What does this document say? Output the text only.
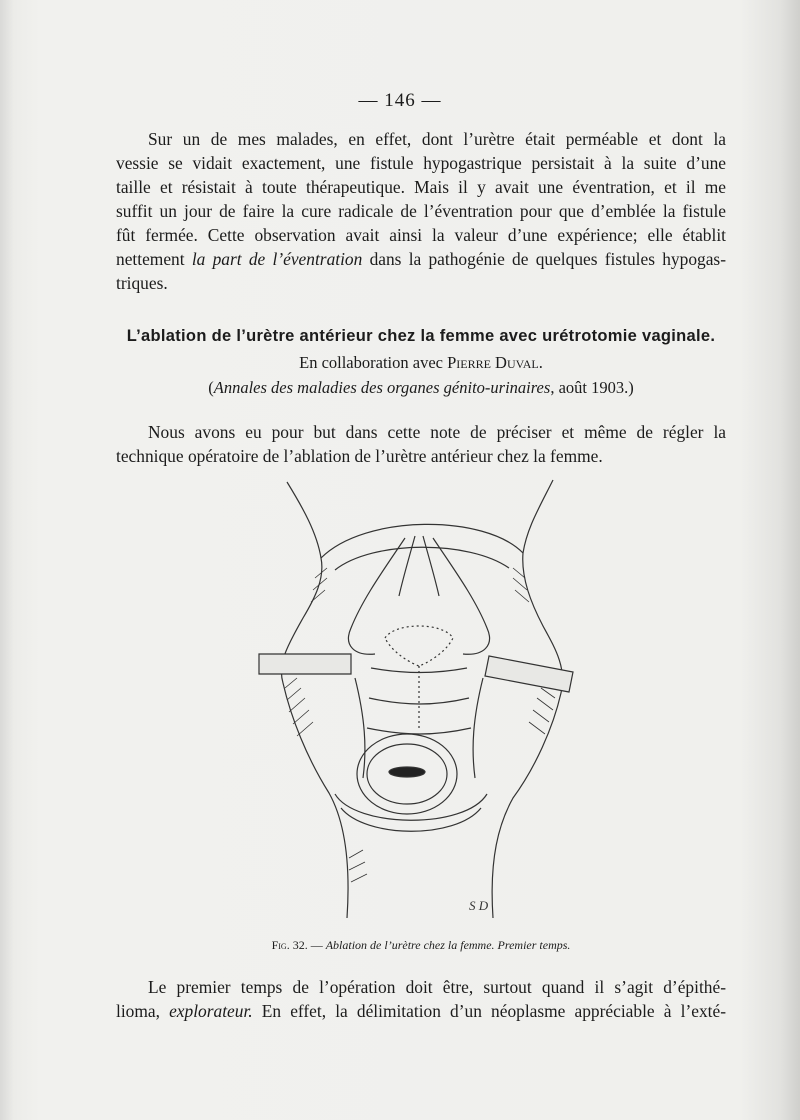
— 146 —
Sur un de mes malades, en effet, dont l’urètre était perméable et dont la
vessie se vidait exactement, une fistule hypogastrique persistait à la suite d’une
taille et résistait à toute thérapeutique. Mais il y avait une éventration, et il me
suffit un jour de faire la cure radicale de l’éventration pour que d’emblée la fistule
fût fermée. Cette observation avait ainsi la valeur d’une expérience; elle établit
nettement la part de l’éventration dans la pathogénie de quelques fistules hypogas-
triques.
L’ablation de l’urètre antérieur chez la femme avec urétrotomie vaginale.
En collaboration avec Pierre Duval.
(Annales des maladies des organes génito-urinaires, août 1903.)
Nous avons eu pour but dans cette note de préciser et même de régler la
technique opératoire de l’ablation de l’urètre antérieur chez la femme.
S D
Fig. 32. — Ablation de l’urètre chez la femme. Premier temps.
Le premier temps de l’opération doit être, surtout quand il s’agit d’épithé-
lioma, explorateur. En effet, la délimitation d’un néoplasme appréciable à l’exté-
